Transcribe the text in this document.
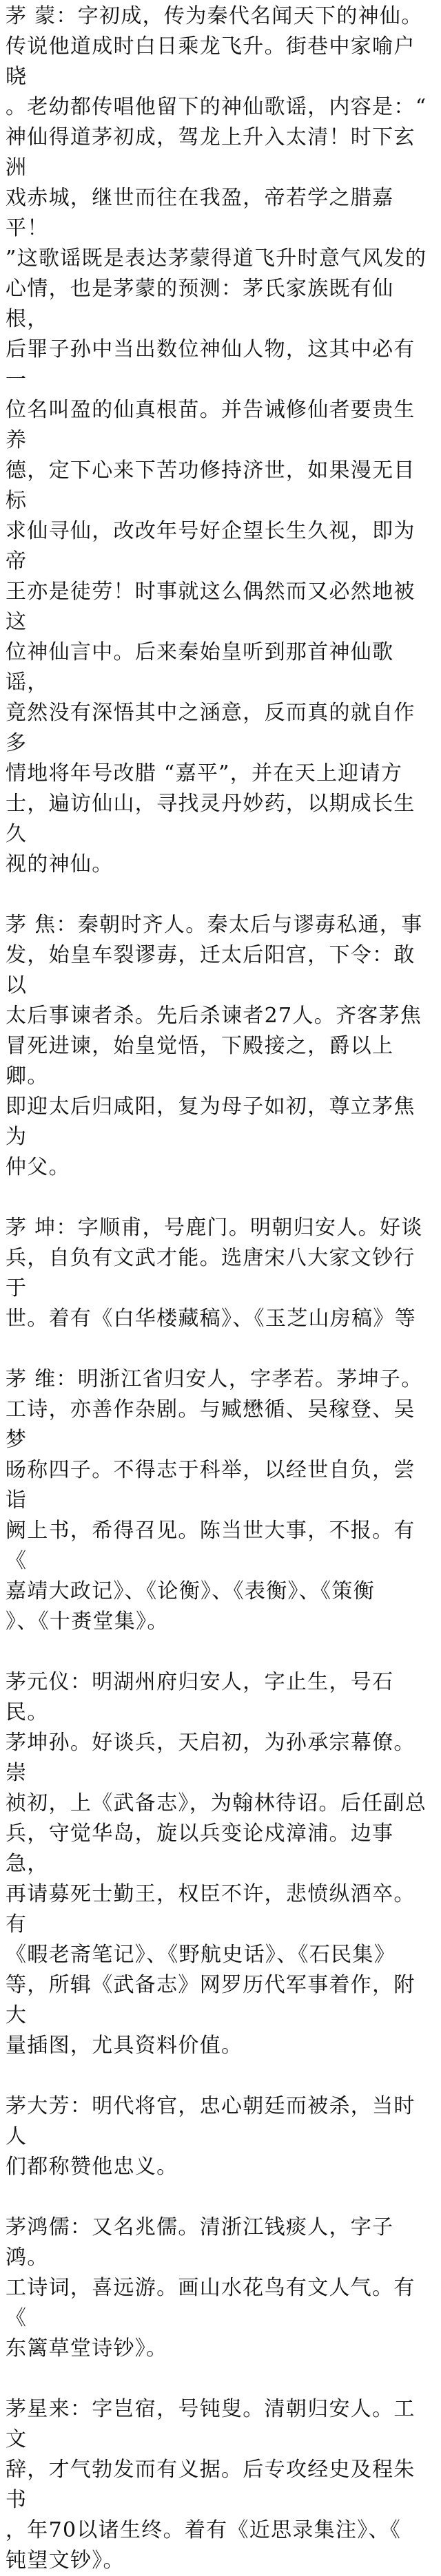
茅 蒙：字初成，传为秦代名闻天下的神仙。

传说他道成时白日乘龙飞升。街巷中家喻户晓

。老幼都传唱他留下的神仙歌谣，内容是：“

神仙得道茅初成，驾龙上升入太清！时下玄洲

戏赤城，继世而往在我盈，帝若学之腊嘉平！

”这歌谣既是表达茅蒙得道飞升时意气风发的

心情，也是茅蒙的预测：茅氏家族既有仙根，

后罪子孙中当出数位神仙人物，这其中必有一

位名叫盈的仙真根苗。并告诫修仙者要贵生养

德，定下心来下苦功修持济世，如果漫无目标

求仙寻仙，改改年号好企望长生久视，即为帝

王亦是徒劳！时事就这么偶然而又必然地被这

位神仙言中。后来秦始皇听到那首神仙歌谣，

竟然没有深悟其中之涵意，反而真的就自作多

情地将年号改腊 “嘉平”，并在天上迎请方

士，遍访仙山，寻找灵丹妙药，以期成长生久

视的神仙。

茅 焦：秦朝时齐人。秦太后与谬毐私通，事

发，始皇车裂谬毐，迁太后阳宫，下令：敢以

太后事谏者杀。先后杀谏者27人。齐客茅焦

冒死进谏，始皇觉悟，下殿接之，爵以上卿。

即迎太后归咸阳，复为母子如初，尊立茅焦为

仲父。

茅 坤：字顺甫，号鹿门。明朝归安人。好谈

兵，自负有文武才能。选唐宋八大家文钞行于

世。着有《白华楼藏稿》、《玉芝山房稿》等

茅 维：明浙江省归安人，字孝若。茅坤子。

工诗，亦善作杂剧。与臧懋循、吴稼登、吴梦

旸称四子。不得志于科举，以经世自负，尝诣

阙上书，希得召见。陈当世大事，不报。有《

嘉靖大政记》、《论衡》、《表衡》、《策衡

》、《十赉堂集》。

茅元仪：明湖州府归安人，字止生，号石民。

茅坤孙。好谈兵，天启初，为孙承宗幕僚。崇

祯初，上《武备志》，为翰林待诏。后任副总

兵，守觉华岛，旋以兵变论戍漳浦。边事急，

再请募死士勤王，权臣不许，悲愤纵酒卒。有

《暇老斋笔记》、《野航史话》、《石民集》

等，所辑《武备志》网罗历代军事着作，附大

量插图，尤具资料价值。

茅大芳：明代将官，忠心朝廷而被杀，当时人

们都称赞他忠义。

茅鸿儒：又名兆儒。清浙江钱痰人，字子鸿。

工诗词，喜远游。画山水花鸟有文人气。有《

东篱草堂诗钞》。

茅星来：字岂宿，号钝叟。清朝归安人。工文

辞，才气勃发而有义据。后专攻经史及程朱书

，年70以诸生终。着有《近思录集注》、《

钝望文钞》。
